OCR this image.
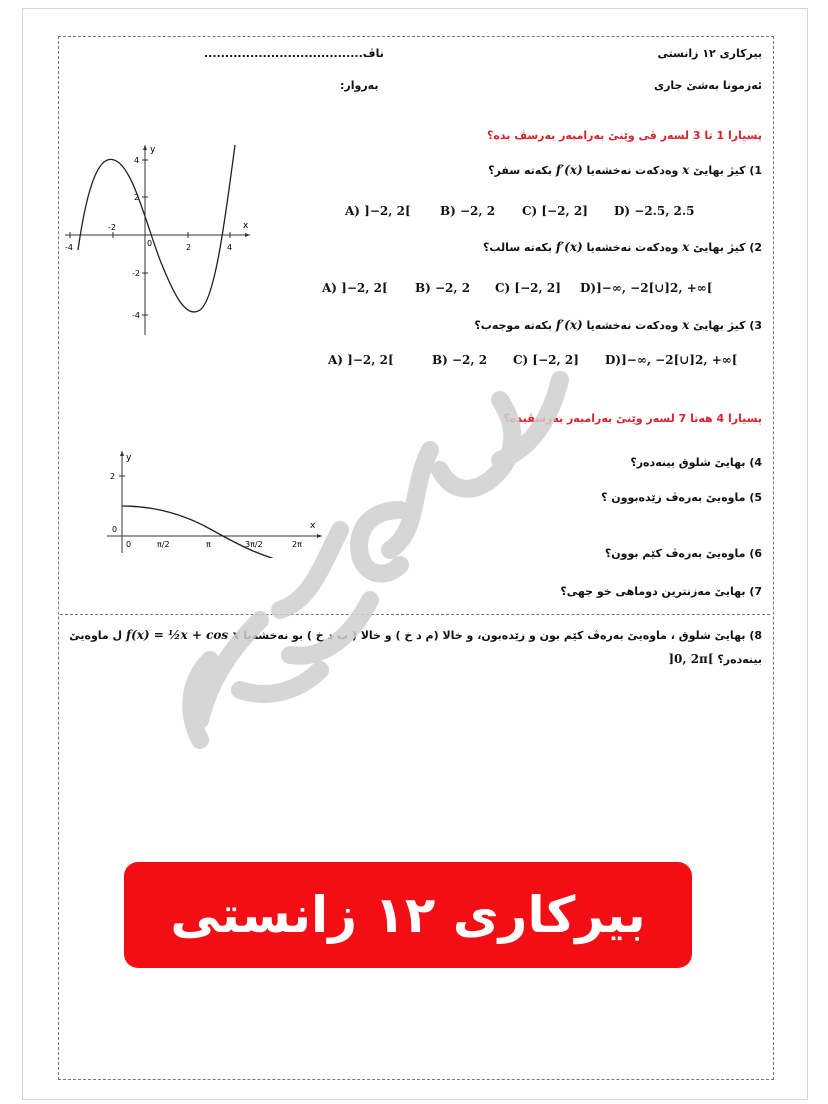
بیرکاری ١٢ زانستی
ئەزمونا بەشێ جاری
ناڤ......................................
بەروار:
پسیارا 1 تا 3 لسەر ڤی وێنێ بەرامبەر بەرسڤ بدە؟
1) کیژ بهایێ x وەدکەت نەخشەیا f′(x) بکەتە سفر؟
A) ]−2, 2[ B) −2, 2 C) [−2, 2] D) −2.5, 2.5
2) کیژ بهایێ x وەدکەت نەخشەیا f′(x) بکەتە سالب؟
A) ]−2, 2[ B) −2, 2 C) [−2, 2] D)]−∞, −2[∪]2, +∞[
3) کیژ بهایێ x وەدکەت نەخشەیا f′(x) بکەتە موجەب؟
A) ]−2, 2[	B) −2, 2 C) [−2, 2] D)]−∞, −2[∪]2, +∞[
-4
-2
0	2	4
4
2
-2
-4
x
y
پسیارا 4 هەتا 7 لسەر وێنێ بەرامبەر بەرسڤبدە؟
4) بهایێ شلوق بینەدەر؟
5) ماوەیێ بەرەڤ زێدەبوون ؟
6) ماوەیێ بەرەڤ کێم بوون؟
7) بهایێ مەزنترین دوماهی خو جهی؟
2
0
0	π/2	π	3π/2	2π
x
y
8) بهایێ شلوق ، ماوەیێ بەرەڤ کێم بون و زێدەبون، و خالا (م د خ ) و خالا ( ب د خ ) بو نەخشەیا f(x) = ½x + cos x ل ماوەیێ
]0, 2π[ بینەدەر؟
بیرکاری ١٢ زانستی
